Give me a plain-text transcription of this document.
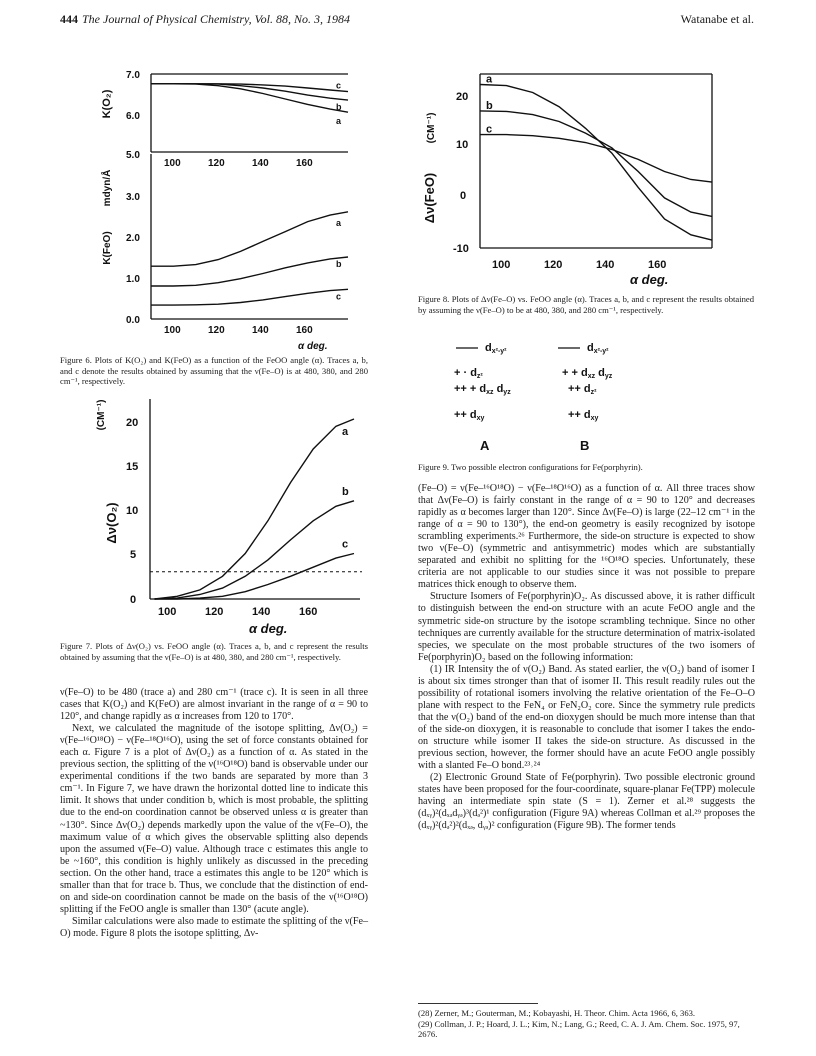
444 The Journal of Physical Chemistry, Vol. 88, No. 3, 1984	Watanabe et al.
a
b
c
a
b
c
K(O₂)
K(FeO)
mdyn/Å
7.0
6.0
5.0
3.0
2.0
1.0
0.0
100	120	140	160
100	120	140	160
α deg.
Figure 6. Plots of K(O₂) and K(FeO) as a function of the FeOO angle (α). Traces a, b, and c denote the results obtained by assuming that the ν(Fe–O) is at 480, 380, and 280 cm⁻¹, respectively.
a
b
c
(CM⁻¹)
Δν(O₂)
0
5
10
15
20
100	120	140	160
α deg.
Figure 7. Plots of Δν(O₂) vs. FeOO angle (α). Traces a, b, and c represent the results obtained by assuming that the ν(Fe–O) is at 480, 380, and 280 cm⁻¹, respectively.

ν(Fe–O) to be 480 (trace a) and 280 cm⁻¹ (trace c). It is seen in all three cases that K(O₂) and K(FeO) are almost invariant in the range of α = 90 to 120°, and change rapidly as α increases from 120 to 170°.

Next, we calculated the magnitude of the isotope splitting, Δν(O₂) = ν(Fe–¹⁶O¹⁸O) − ν(Fe–¹⁸O¹⁶O), using the set of force constants obtained for each α. Figure 7 is a plot of Δν(O₂) as a function of α. As stated in the previous section, the splitting of the ν(¹⁶O¹⁸O) band is observable under our experimental conditions if the two bands are separated by more than 3 cm⁻¹. In Figure 7, we have drawn the horizontal dotted line to indicate this limit. It shows that under condition b, which is most probable, the splitting due to the end-on coordination cannot be observed unless α is greater than ~130°. Since Δν(O₂) depends markedly upon the value of the ν(Fe–O), the maximum value of α which gives the observable splitting also depends upon the assumed ν(Fe–O) value. Although trace c estimates this angle to be ~160°, this condition is highly unlikely as discussed in the preceding section. On the other hand, trace a estimates this angle to be 120° which is smaller than that for trace b. Thus, we conclude that the distinction of end-on and side-on coordination cannot be made on the basis of the ν(¹⁶O¹⁸O) splitting if the FeOO angle is smaller than 130° (acute angle).

Similar calculations were also made to estimate the splitting of the ν(Fe–O) mode. Figure 8 plots the isotope splitting, Δν-

a
b
c
(CM⁻¹)
Δν(FeO)
-10
0
10
20
100	120	140	160
α deg.
Figure 8. Plots of Δν(Fe–O) vs. FeOO angle (α). Traces a, b, and c represent the results obtained by assuming the ν(Fe–O) to be at 480, 380, and 280 cm⁻¹, respectively.
dx²-y²	dx²-y²
+ · dz²
++ + dxz dyz
++ dxy
+ + dxz dyz
++ dz²
++ dxy
A	B
Figure 9. Two possible electron configurations for Fe(porphyrin).

(Fe–O) = ν(Fe–¹⁶O¹⁸O) − ν(Fe–¹⁸O¹⁶O) as a function of α. All three traces show that Δν(Fe–O) is fairly constant in the range of α = 90 to 120° and decreases rapidly as α becomes larger than 120°. Since Δν(Fe–O) is large (22–12 cm⁻¹ in the range of α = 90 to 130°), the end-on geometry is easily recognized by isotope scrambling experiments.²⁶ Furthermore, the side-on structure is expected to show two ν(Fe–O) (symmetric and antisymmetric) modes which are substantially separated and exhibit no splitting for the ¹⁶O¹⁸O species. Unfortunately, these criteria are not applicable to our studies since it was not possible to prepare matrices thick enough to observe them.

Structure Isomers of Fe(porphyrin)O₂. As discussed above, it is rather difficult to distinguish between the end-on structure with an acute FeOO angle and the symmetric side-on structure by the isotope scrambling technique. Since no other techniques are currently available for the structure determination of matrix-isolated species, we speculate on the most probable structures of the two isomers of Fe(porphyrin)O₂ based on the following information:

(1) IR Intensity the of ν(O₂) Band. As stated earlier, the ν(O₂) band of isomer I is about six times stronger than that of isomer II. This result readily rules out the possibility of rotational isomers involving the relative orientation of the Fe–O–O plane with respect to the FeN₄ or FeN₂O₂ core. Since the symmetry rule predicts that the ν(O₂) band of the end-on dioxygen should be much more intense than that of the side-on dioxygen, it is reasonable to conclude that isomer I takes the endo-on structure while isomer II takes the side-on structure. As discussed in the previous section, however, the former should have an acute FeOO angle possibly with a slanted Fe–O bond.²³˒²⁴

(2) Electronic Ground State of Fe(porphyrin). Two possible electronic ground states have been proposed for the four-coordinate, square-planar Fe(TPP) molecule having an intermediate spin state (S = 1). Zerner et al.²⁸ suggests the (dₓᵧ)²(dₓₔdᵧₔ)³(dₔ²)¹ configuration (Figure 9A) whereas Collman et al.²⁹ proposes the (dₓᵧ)²(dₔ²)²(dₓₔ, dᵧₔ)² configuration (Figure 9B). The former tends

(28) Zerner, M.; Gouterman, M.; Kobayashi, H. Theor. Chim. Acta 1966, 6, 363.
(29) Collman, J. P.; Hoard, J. L.; Kim, N.; Lang, G.; Reed, C. A. J. Am. Chem. Soc. 1975, 97, 2676.
